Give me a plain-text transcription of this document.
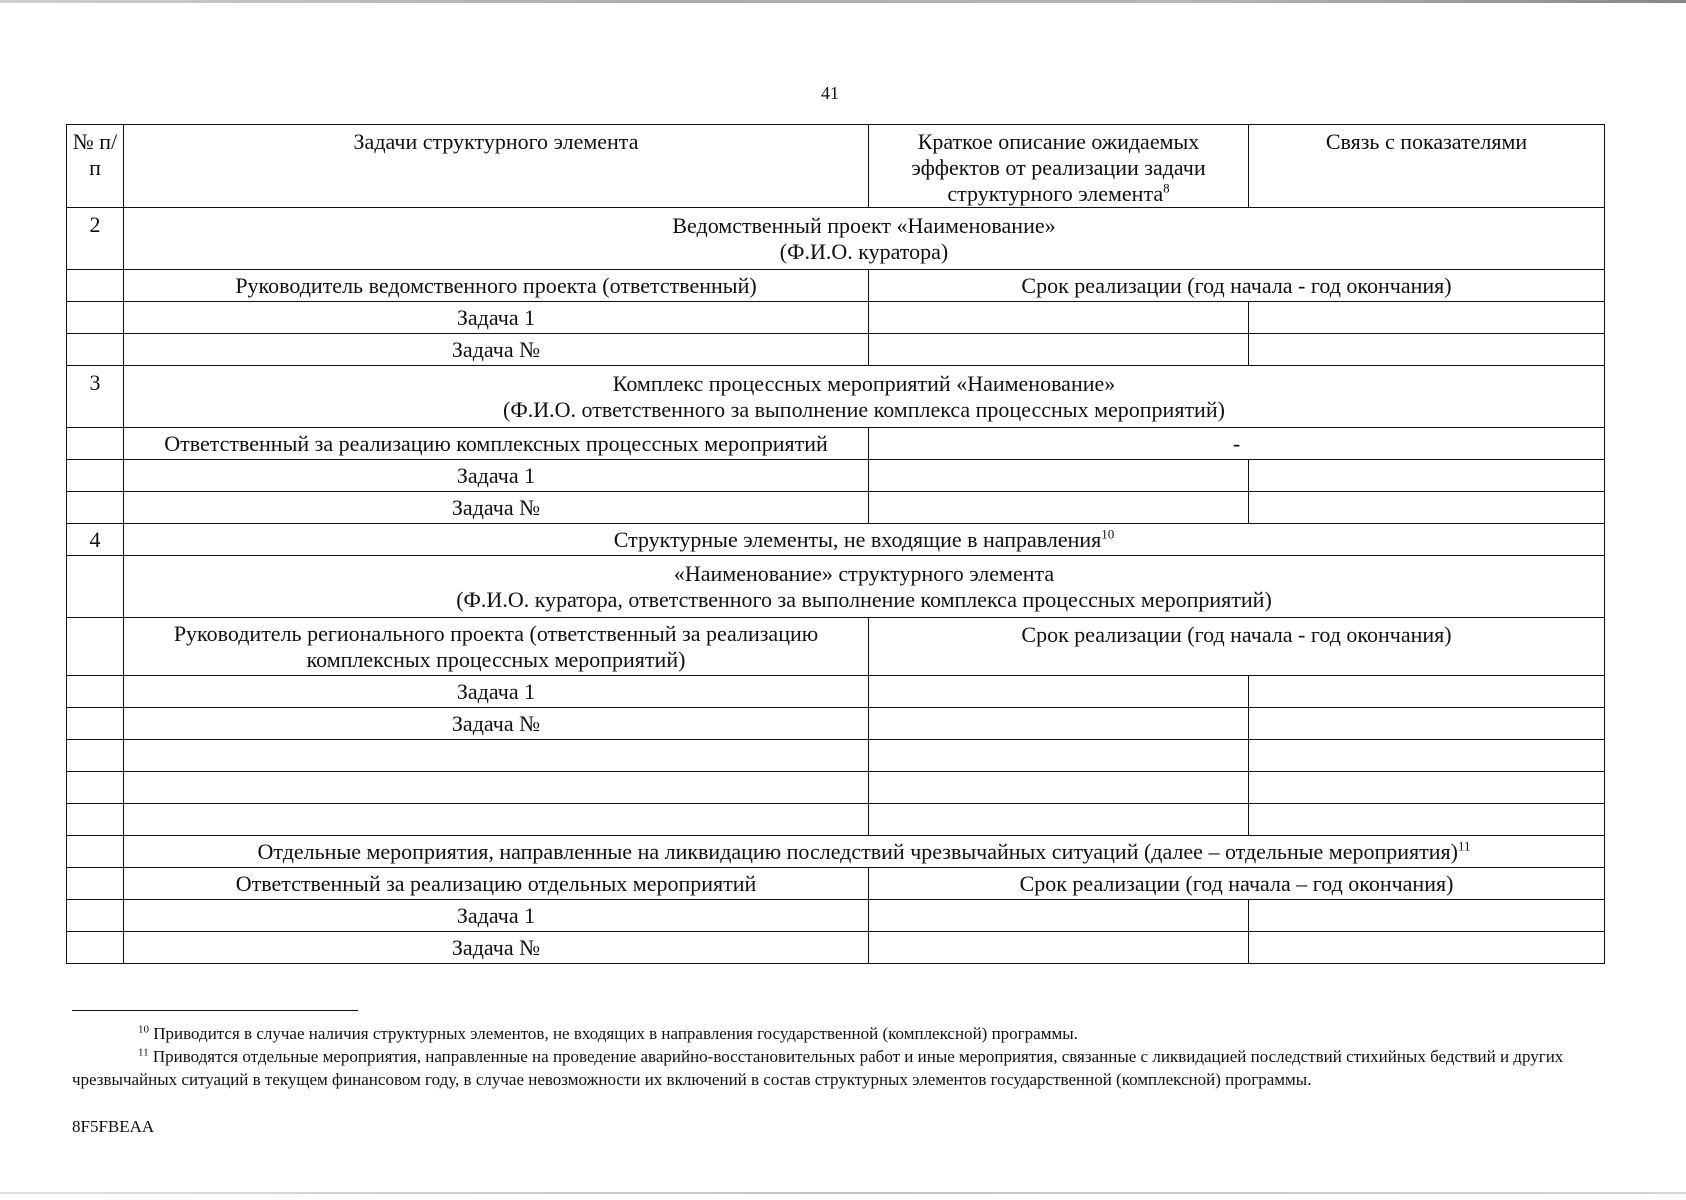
41
№ п/п	Задачи структурного элемента	Краткое описание ожидаемых эффектов от реализации задачи структурного элемента$^8$	Связь с показателями
2	Ведомственный проект «Наименование»
(Ф.И.О. куратора)		

	Руководитель ведомственного проекта (ответственный)	Срок реализации (год начала - год окончания)	
	Задача 1		
	Задача №		
3	Комплекс процессных мероприятий «Наименование»
(Ф.И.О. ответственного за выполнение комплекса процессных мероприятий)		

	Ответственный за реализацию комплексных процессных мероприятий	-	
	Задача 1		
	Задача №		
4	Структурные элементы, не входящие в направления$^{10}$

	«Наименование» структурного элемента
(Ф.И.О. куратора, ответственного за выполнение комплекса процессных мероприятий)		

	Руководитель регионального проекта (ответственный за реализацию комплексных процессных мероприятий)	Срок реализации (год начала - год окончания)	
	Задача 1		
	Задача №		

	Отдельные мероприятия, направленные на ликвидацию последствий чрезвычайных ситуаций (далее – отдельные мероприятия)$^{11}$
	Ответственный за реализацию отдельных мероприятий	Срок реализации (год начала – год окончания)	
	Задача 1		
	Задача №		

$^{10}$ Приводится в случае наличия структурных элементов, не входящих в направления государственной (комплексной) программы.

$^{11}$ Приводятся отдельные мероприятия, направленные на проведение аварийно-восстановительных работ и иные мероприятия, связанные с ликвидацией последствий стихийных бедствий и других чрезвычайных ситуаций в текущем финансовом году, в случае невозможности их включений в состав структурных элементов государственной (комплексной) программы.

8F5FBEAA
